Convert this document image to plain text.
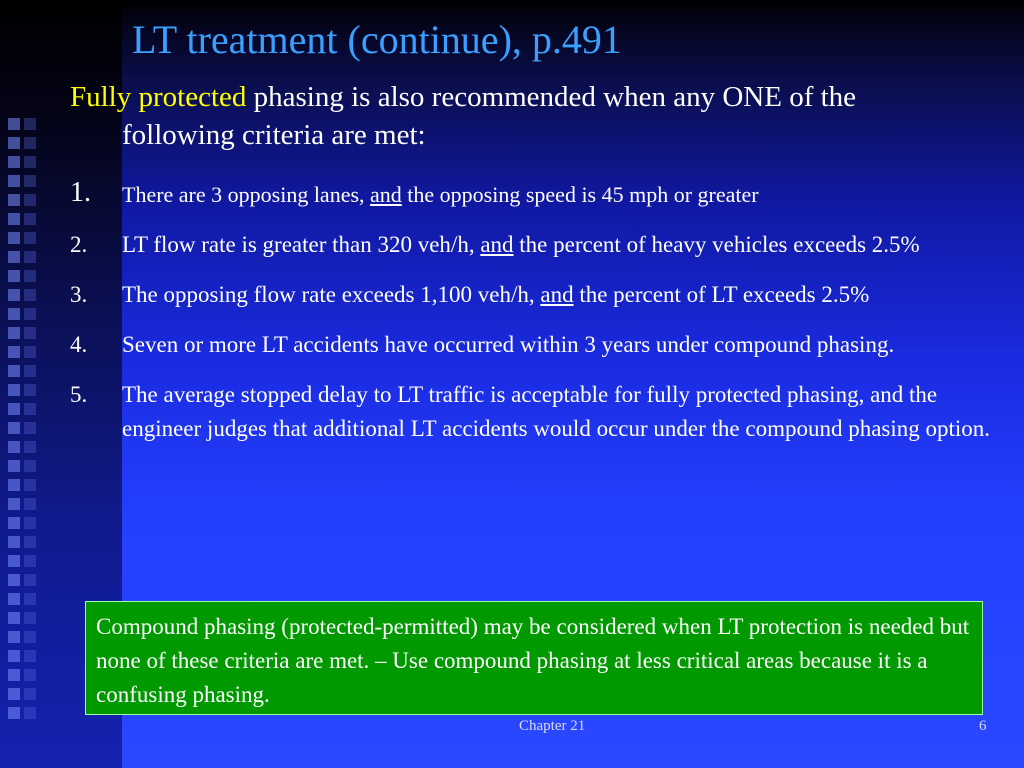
LT treatment (continue), p.491
Fully protected phasing is also recommended when any ONE of the
following criteria are met:
1. There are 3 opposing lanes, and the opposing speed is 45 mph or greater
2. LT flow rate is greater than 320 veh/h, and the percent of heavy vehicles exceeds 2.5%
3. The opposing flow rate exceeds 1,100 veh/h, and the percent of LT exceeds 2.5%
4. Seven or more LT accidents have occurred within 3 years under compound phasing.
5. The average stopped delay to LT traffic is acceptable for fully protected phasing, and the engineer judges that additional LT accidents would occur under the compound phasing option.
Compound phasing (protected-permitted) may be considered when LT protection is needed but none of these criteria are met. – Use compound phasing at less critical areas because it is a confusing phasing.
Chapter 21	6
